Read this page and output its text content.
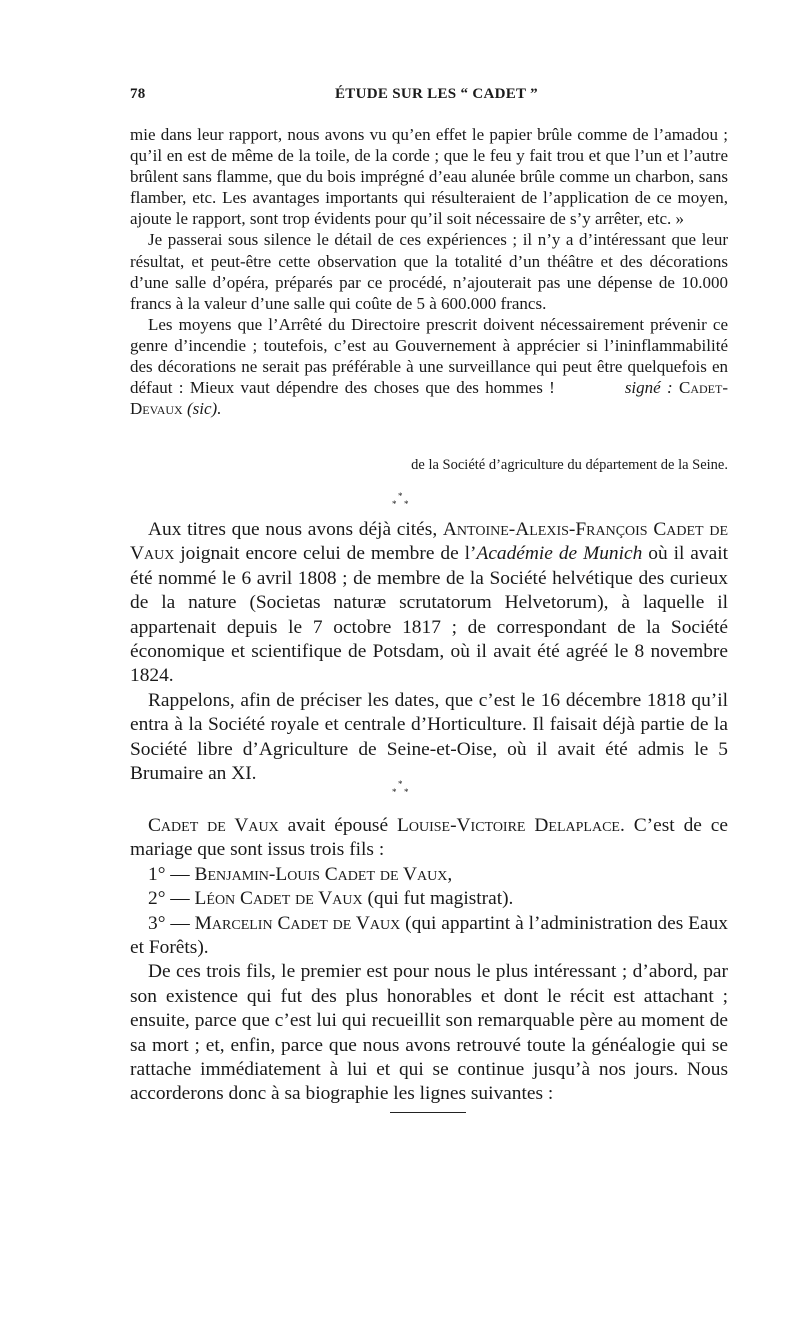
78	ÉTUDE SUR LES “ CADET ”

mie dans leur rapport, nous avons vu qu’en effet le papier brûle comme de l’amadou ; qu’il en est de même de la toile, de la corde ; que le feu y fait trou et que l’un et l’autre brûlent sans flamme, que du bois imprégné d’eau alunée brûle comme un charbon, sans flamber, etc. Les avantages importants qui résulteraient de l’application de ce moyen, ajoute le rapport, sont trop évidents pour qu’il soit nécessaire de s’y arrêter, etc. »

Je passerai sous silence le détail de ces expériences ; il n’y a d’intéressant que leur résultat, et peut-être cette observation que la totalité d’un théâtre et des décorations d’une salle d’opéra, préparés par ce procédé, n’ajouterait pas une dépense de 10.000 francs à la valeur d’une salle qui coûte de 5 à 600.000 francs.

Les moyens que l’Arrêté du Directoire prescrit doivent nécessairement prévenir ce genre d’incendie ; toutefois, c’est au Gouvernement à apprécier si l’ininflammabilité des décorations ne serait pas préférable à une surveillance qui peut être quelquefois en défaut : Mieux vaut dépendre des choses que des hommes !	signé : Cadet-Devaux (sic).

de la Société d’agriculture du département de la Seine.
*
* *

Aux titres que nous avons déjà cités, Antoine-Alexis-François Cadet de Vaux joignait encore celui de membre de l’Académie de Munich où il avait été nommé le 6 avril 1808 ; de membre de la Société helvétique des curieux de la nature (Societas naturæ scrutatorum Helvetorum), à laquelle il appartenait depuis le 7 octobre 1817 ; de correspondant de la Société économique et scientifique de Potsdam, où il avait été agréé le 8 novembre 1824.

Rappelons, afin de préciser les dates, que c’est le 16 décembre 1818 qu’il entra à la Société royale et centrale d’Horticulture. Il faisait déjà partie de la Société libre d’Agriculture de Seine-et-Oise, où il avait été admis le 5 Brumaire an XI.	*
* *

Cadet de Vaux avait épousé Louise-Victoire Delaplace. C’est de ce mariage que sont issus trois fils :

1° — Benjamin-Louis Cadet de Vaux,

2° — Léon Cadet de Vaux (qui fut magistrat).

3° — Marcelin Cadet de Vaux (qui appartint à l’administration des Eaux et Forêts).

De ces trois fils, le premier est pour nous le plus intéressant ; d’abord, par son existence qui fut des plus honorables et dont le récit est attachant ; ensuite, parce que c’est lui qui recueillit son remarquable père au moment de sa mort ; et, enfin, parce que nous avons retrouvé toute la généalogie qui se rattache immédiatement à lui et qui se continue jusqu’à nos jours. Nous accorderons donc à sa biographie les lignes suivantes :
